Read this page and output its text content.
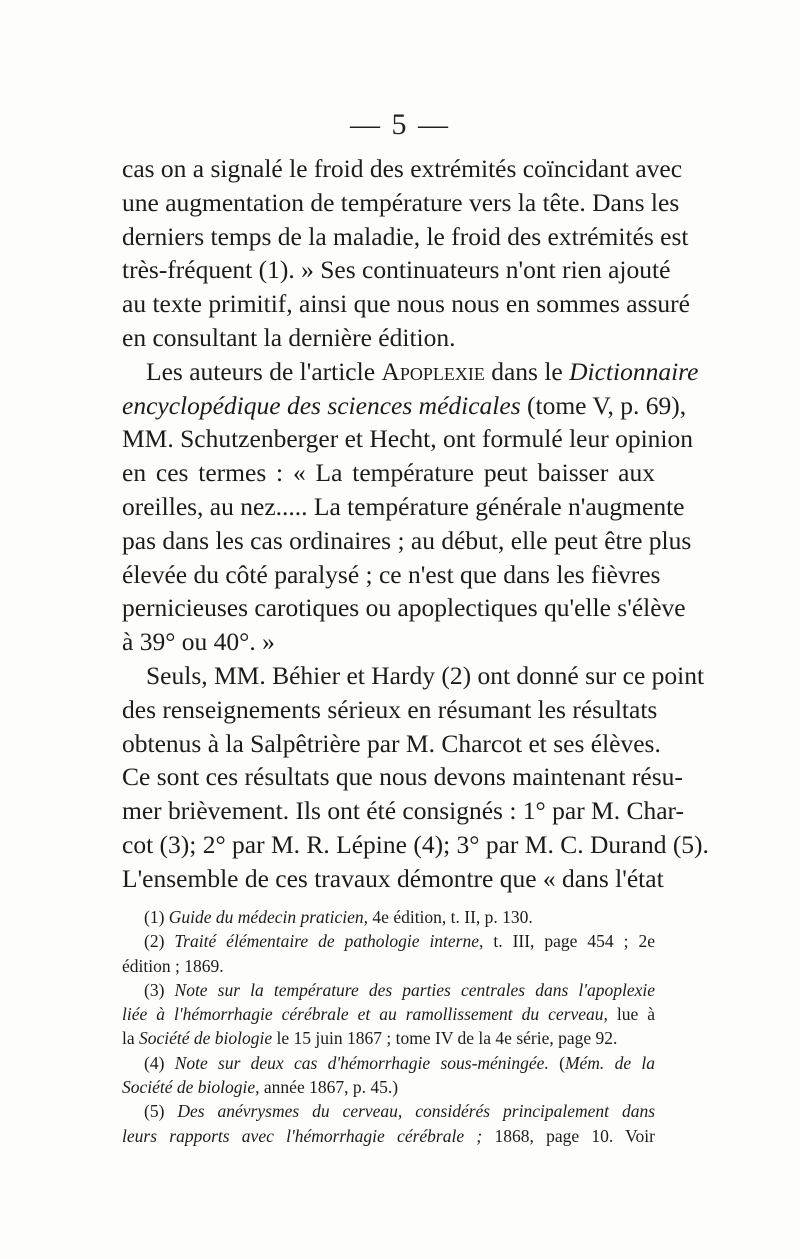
— 5 —
cas on a signalé le froid des extrémités coïncidant avec
une augmentation de température vers la tête. Dans les
derniers temps de la maladie, le froid des extrémités est
très-fréquent (1). » Ses continuateurs n'ont rien ajouté
au texte primitif, ainsi que nous nous en sommes assuré
en consultant la dernière édition.
Les auteurs de l'article Apoplexie dans le Dictionnaire
encyclopédique des sciences médicales (tome V, p. 69),
MM. Schutzenberger et Hecht, ont formulé leur opinion
en ces termes : « La température peut baisser aux
oreilles, au nez..... La température générale n'augmente
pas dans les cas ordinaires ; au début, elle peut être plus
élevée du côté paralysé ; ce n'est que dans les fièvres
pernicieuses carotiques ou apoplectiques qu'elle s'élève
à 39° ou 40°. »
Seuls, MM. Béhier et Hardy (2) ont donné sur ce point
des renseignements sérieux en résumant les résultats
obtenus à la Salpêtrière par M. Charcot et ses élèves.
Ce sont ces résultats que nous devons maintenant résu-
mer brièvement. Ils ont été consignés : 1° par M. Char-
cot (3); 2° par M. R. Lépine (4); 3° par M. C. Durand (5).
L'ensemble de ces travaux démontre que « dans l'état
(1) Guide du médecin praticien, 4e édition, t. II, p. 130.
(2) Traité élémentaire de pathologie interne, t. III, page 454 ; 2e
édition ; 1869.
(3) Note sur la température des parties centrales dans l'apoplexie
liée à l'hémorrhagie cérébrale et au ramollissement du cerveau, lue à
la Société de biologie le 15 juin 1867 ; tome IV de la 4e série, page 92.
(4) Note sur deux cas d'hémorrhagie sous-méningée. (Mém. de la
Société de biologie, année 1867, p. 45.)
(5) Des anévrysmes du cerveau, considérés principalement dans
leurs rapports avec l'hémorrhagie cérébrale ; 1868, page 10. Voir
